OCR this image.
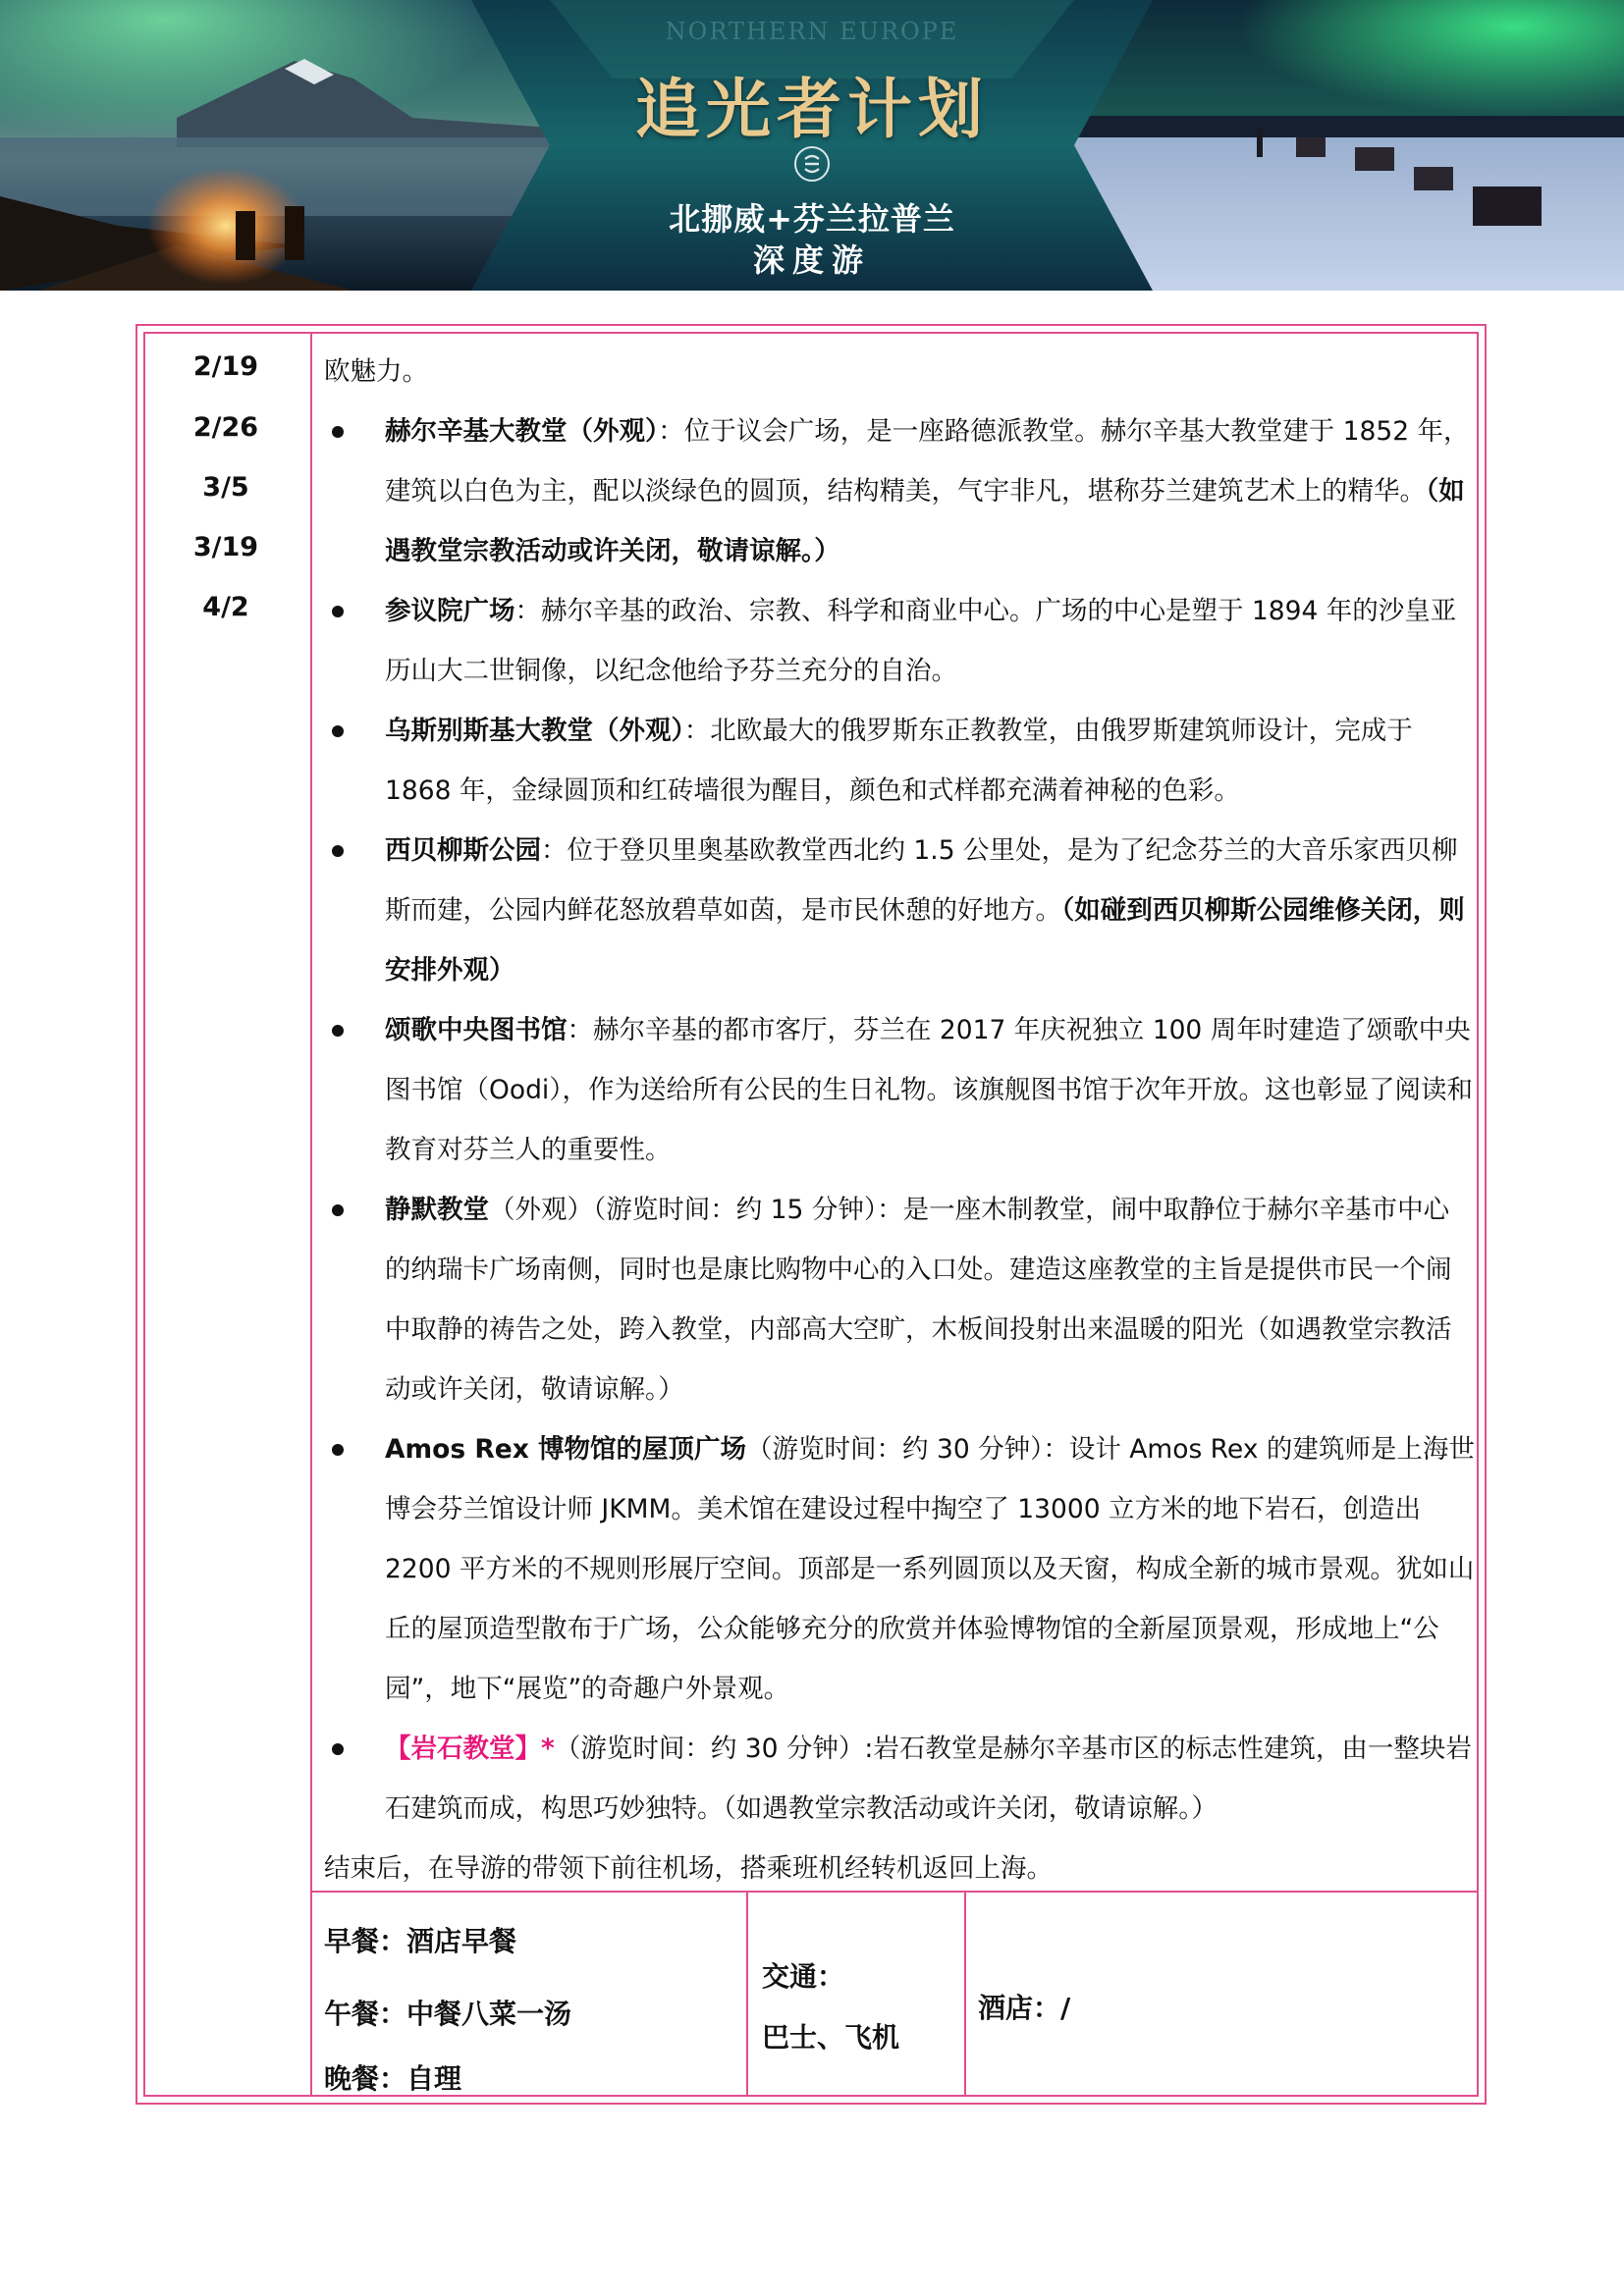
NORTHERN EUROPE
追光者计划
北挪威+芬兰拉普兰
深度游
2/19
2/26
3/5
3/19
4/2

欧魅力。

赫尔辛基大教堂（外观）：位于议会广场，是一座路德派教堂。赫尔辛基大教堂建于 1852 年，建筑以白色为主，配以淡绿色的圆顶，结构精美，气宇非凡，堪称芬兰建筑艺术上的精华。（如遇教堂宗教活动或许关闭，敬请谅解。）
参议院广场：赫尔辛基的政治、宗教、科学和商业中心。广场的中心是塑于 1894 年的沙皇亚历山大二世铜像，以纪念他给予芬兰充分的自治。
乌斯别斯基大教堂（外观）：北欧最大的俄罗斯东正教教堂，由俄罗斯建筑师设计，完成于 1868 年，金绿圆顶和红砖墙很为醒目，颜色和式样都充满着神秘的色彩。
西贝柳斯公园：位于登贝里奥基欧教堂西北约 1.5 公里处，是为了纪念芬兰的大音乐家西贝柳斯而建，公园内鲜花怒放碧草如茵，是市民休憩的好地方。（如碰到西贝柳斯公园维修关闭，则安排外观）
颂歌中央图书馆：赫尔辛基的都市客厅，芬兰在 2017 年庆祝独立 100 周年时建造了颂歌中央图书馆（Oodi），作为送给所有公民的生日礼物。该旗舰图书馆于次年开放。这也彰显了阅读和教育对芬兰人的重要性。
静默教堂（外观）（游览时间：约 15 分钟）：是一座木制教堂，闹中取静位于赫尔辛基市中心的纳瑞卡广场南侧，同时也是康比购物中心的入口处。建造这座教堂的主旨是提供市民一个闹中取静的祷告之处，跨入教堂，内部高大空旷，木板间投射出来温暖的阳光（如遇教堂宗教活动或许关闭，敬请谅解。）
Amos Rex 博物馆的屋顶广场（游览时间：约 30 分钟）：设计 Amos Rex 的建筑师是上海世博会芬兰馆设计师 JKMM。美术馆在建设过程中掏空了 13000 立方米的地下岩石，创造出 2200 平方米的不规则形展厅空间。顶部是一系列圆顶以及天窗，构成全新的城市景观。犹如山丘的屋顶造型散布于广场，公众能够充分的欣赏并体验博物馆的全新屋顶景观，形成地上“公园”，地下“展览”的奇趣户外景观。
【岩石教堂】*（游览时间：约 30 分钟）:岩石教堂是赫尔辛基市区的标志性建筑，由一整块岩石建筑而成，构思巧妙独特。（如遇教堂宗教活动或许关闭，敬请谅解。）

结束后，在导游的带领下前往机场，搭乘班机经转机返回上海。

早餐：酒店早餐
午餐：中餐八菜一汤
晚餐：自理
交通：
巴士、飞机
酒店：/
